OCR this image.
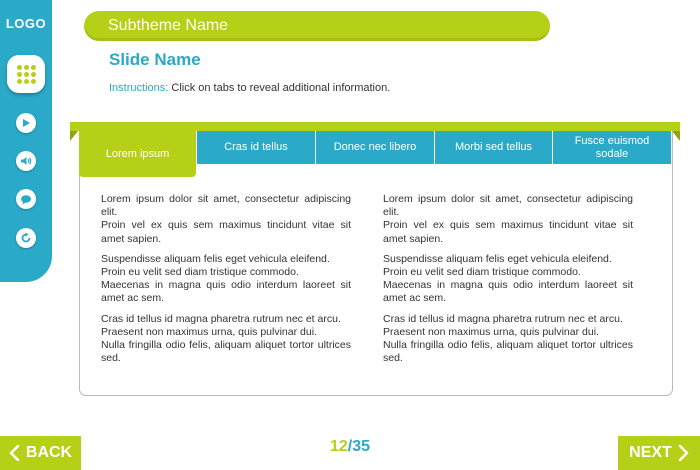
LOGO	Subtheme Name
Slide Name
Instructions: Click on tabs to reveal additional information.
Lorem ipsum
Cras id tellus	Donec nec libero	Morbi sed tellus
Fusce euismod sodale

Lorem ipsum dolor sit amet, consectetur adipiscing elit.
Proin vel ex quis sem maximus tincidunt vitae sit amet sapien.

Suspendisse aliquam felis eget vehicula eleifend.
Proin eu velit sed diam tristique commodo.
Maecenas in magna quis odio interdum laoreet sit amet ac sem.

Cras id tellus id magna pharetra rutrum nec et arcu.
Praesent non maximus urna, quis pulvinar dui.
Nulla fringilla odio felis, aliquam aliquet tortor ultrices sed.

Lorem ipsum dolor sit amet, consectetur adipiscing elit.
Proin vel ex quis sem maximus tincidunt vitae sit amet sapien.

Suspendisse aliquam felis eget vehicula eleifend.
Proin eu velit sed diam tristique commodo.
Maecenas in magna quis odio interdum laoreet sit amet ac sem.

Cras id tellus id magna pharetra rutrum nec et arcu.
Praesent non maximus urna, quis pulvinar dui.
Nulla fringilla odio felis, aliquam aliquet tortor ultrices sed.

BACK	12/35	NEXT
